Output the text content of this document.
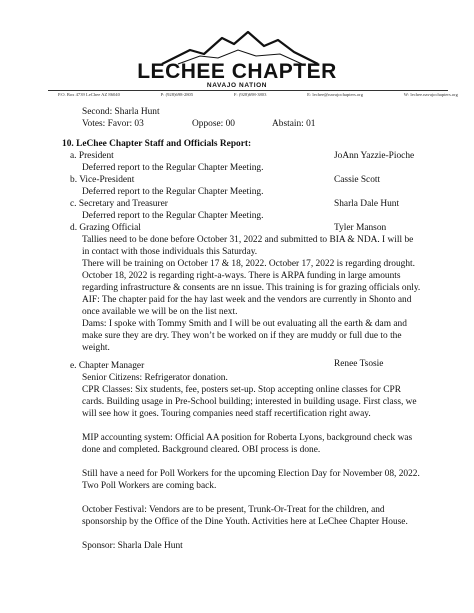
LECHEE CHAPTER
NAVAJO NATION
P.O. Box 4739 LeChee AZ 86040	P: (928)698-2805	F: (928)698-3803	E: lechee@navajochapters.org	W: lechee.navajochapters.org
Second: Sharla Hunt
Votes: Favor: 03	Oppose: 00	Abstain: 01
10. LeChee Chapter Staff and Officials Report:
a. President	JoAnn Yazzie-Pioche
Deferred report to the Regular Chapter Meeting.
b. Vice-President	Cassie Scott
Deferred report to the Regular Chapter Meeting.
c. Secretary and Treasurer	Sharla Dale Hunt
Deferred report to the Regular Chapter Meeting.
d. Grazing Official	Tyler Manson
Tallies need to be done before October 31, 2022 and submitted to BIA & NDA. I will be
in contact with those individuals this Saturday.
There will be training on October 17 & 18, 2022. October 17, 2022 is regarding drought.
October 18, 2022 is regarding right-a-ways. There is ARPA funding in large amounts
regarding infrastructure & consents are nn issue. This training is for grazing officials only.
AIF: The chapter paid for the hay last week and the vendors are currently in Shonto and
once available we will be on the list next.
Dams: I spoke with Tommy Smith and I will be out evaluating all the earth & dam and
make sure they are dry. They won’t be worked on if they are muddy or full due to the
weight.
e. Chapter Manager	Renee Tsosie
Senior Citizens: Refrigerator donation.
CPR Classes: Six students, fee, posters set-up. Stop accepting online classes for CPR
cards. Building usage in Pre-School building; interested in building usage. First class, we
will see how it goes. Touring companies need staff recertification right away.
MIP accounting system: Official AA position for Roberta Lyons, background check was
done and completed. Background cleared. OBI process is done.
Still have a need for Poll Workers for the upcoming Election Day for November 08, 2022.
Two Poll Workers are coming back.
October Festival: Vendors are to be present, Trunk-Or-Treat for the children, and
sponsorship by the Office of the Dine Youth. Activities here at LeChee Chapter House.
Sponsor: Sharla Dale Hunt
